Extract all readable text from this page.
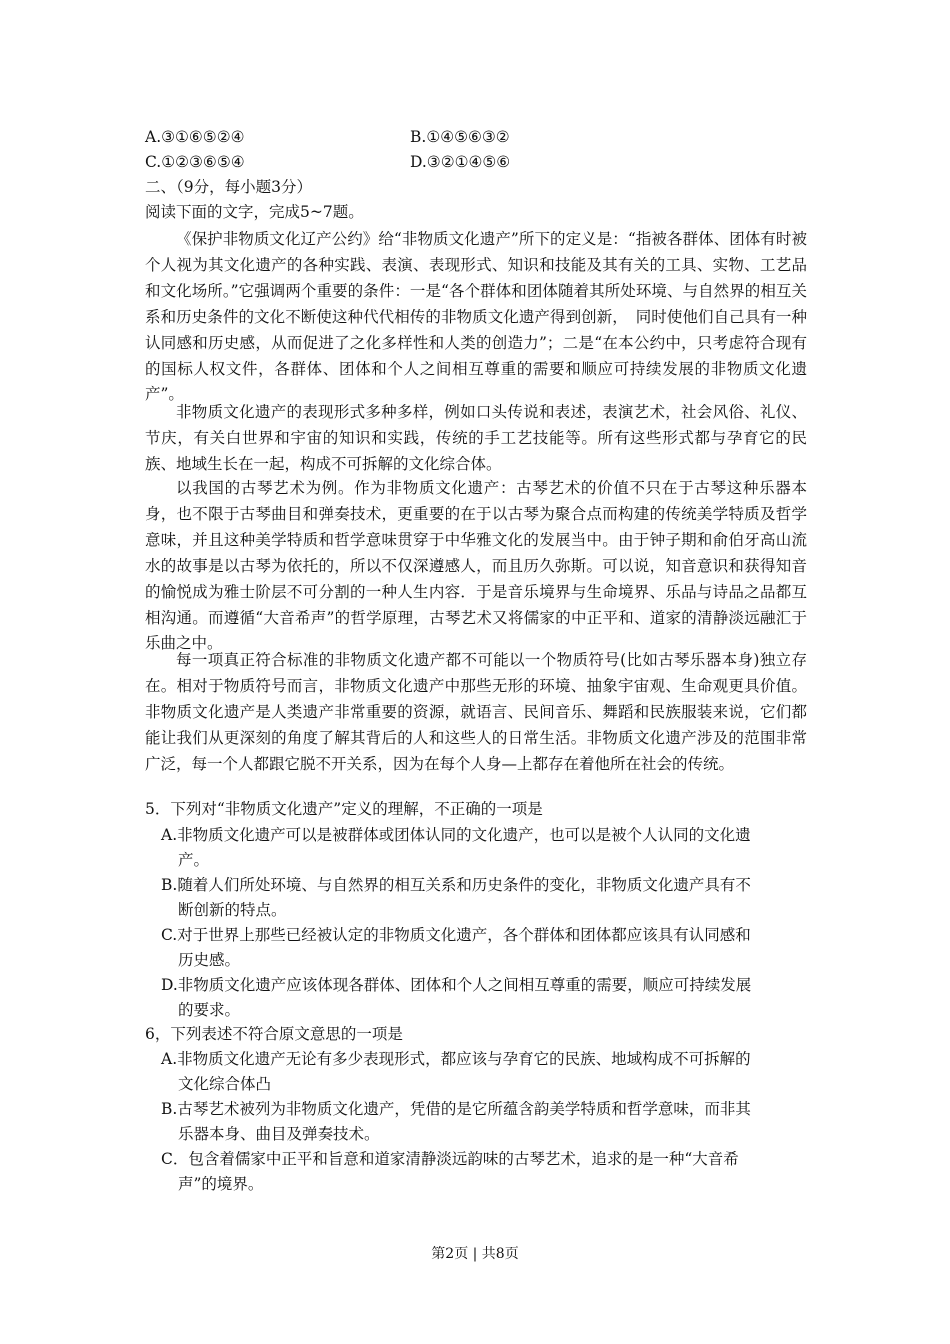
A.③①⑥⑤②④	B.①④⑤⑥③②

C.①②③⑥⑤④	D.③②①④⑤⑥

二、（9分，每小题3分）

阅读下面的文字，完成5~7题。

《保护非物质文化辽产公约》给“非物质文化遗产”所下的定义是：“指被各群体、团体有时被个人视为其文化遗产的各种实践、表演、表现形式、知识和技能及其有关的工具、实物、工艺品和文化场所。”它强调两个重要的条件：一是“各个群体和团体随着其所处环境、与自然界的相互关系和历史条件的文化不断使这种代代相传的非物质文化遗产得到创新，　同时使他们自己具有一种认同感和历史感，从而促进了之化多样性和人类的创造力”；二是“在本公约中，只考虑符合现有的国标人权文件，各群体、团体和个人之间相互尊重的需要和顺应可持续发展的非物质文化遗产”。

非物质文化遗产的表现形式多种多样，例如口头传说和表述，表演艺术，社会风俗、礼仪、节庆，有关白世界和宇宙的知识和实践，传统的手工艺技能等。所有这些形式都与孕育它的民族、地域生长在一起，构成不可拆解的文化综合体。

以我国的古琴艺术为例。作为非物质文化遗产：古琴艺术的价值不只在于古琴这种乐器本身，也不限于古琴曲目和弹奏技术，更重要的在于以古琴为聚合点而构建的传统美学特质及哲学意味，并且这种美学特质和哲学意味贯穿于中华雅文化的发展当中。由于钟子期和俞伯牙高山流水的故事是以古琴为依托的，所以不仅深遵感人，而且历久弥斯。可以说，知音意识和获得知音的愉悦成为雅士阶层不可分割的一种人生内容．于是音乐境界与生命境界、乐品与诗品之品都互相沟通。而遵循“大音希声”的哲学原理，古琴艺术又将儒家的中正平和、道家的清静淡远融汇于乐曲之中。

每一项真正符合标准的非物质文化遗产都不可能以一个物质符号(比如古琴乐器本身)独立存在。相对于物质符号而言，非物质文化遗产中那些无形的环境、抽象宇宙观、生命观更具价值。非物质文化遗产是人类遗产非常重要的资源，就语言、民间音乐、舞蹈和民族服装来说，它们都能让我们从更深刻的角度了解其背后的人和这些人的日常生活。非物质文化遗产涉及的范围非常广泛，每一个人都跟它脱不开关系，因为在每个人身—上都存在着他所在社会的传统。

5．下列对“非物质文化遗产”定义的理解，不正确的一项是

A.非物质文化遗产可以是被群体或团体认同的文化遗产，也可以是被个人认同的文化遗

产。

B.随着人们所处环境、与自然界的相互关系和历史条件的变化，非物质文化遗产具有不

断创新的特点。

C.对于世界上那些已经被认定的非物质文化遗产，各个群体和团体都应该具有认同感和

历史感。

D.非物质文化遗产应该体现各群体、团体和个人之间相互尊重的需要，顺应可持续发展

的要求。

6，下列表述不符合原文意思的一项是

A.非物质文化遗产无论有多少表现形式，都应该与孕育它的民族、地域构成不可拆解的

文化综合体凸

B.古琴艺术被列为非物质文化遗产，凭借的是它所蕴含韵美学特质和哲学意味，而非其

乐器本身、曲目及弹奏技术。

C．包含着儒家中正平和旨意和道家清静淡远韵味的古琴艺术，追求的是一种“大音希

声”的境界。

第2页 | 共8页
